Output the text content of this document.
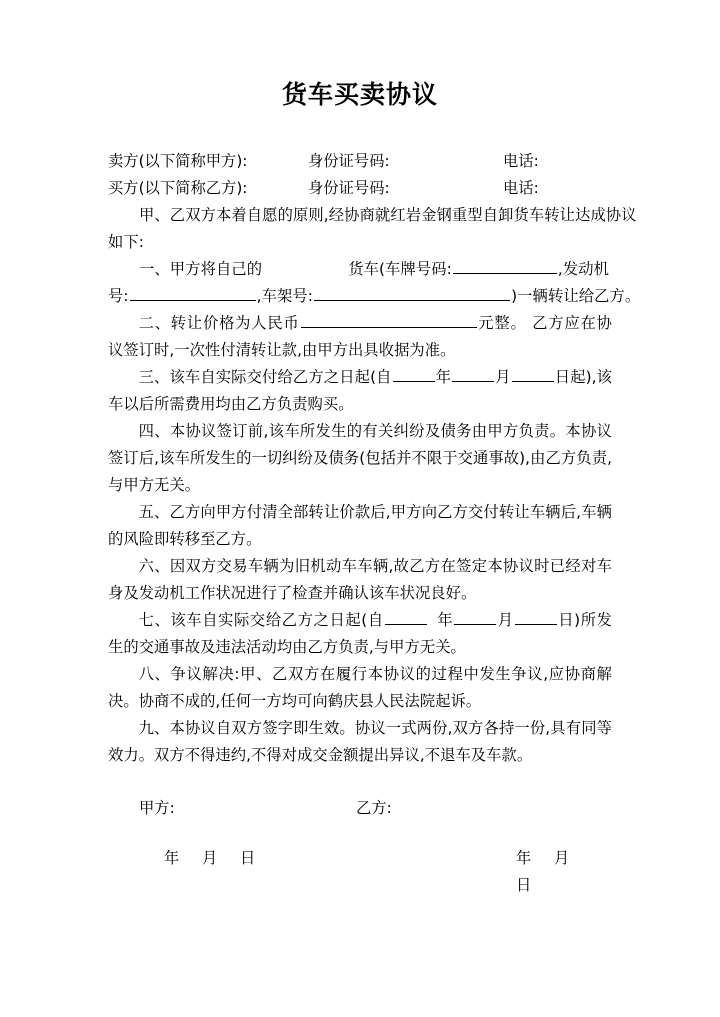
货车买卖协议
卖方(以下简称甲方):	身份证号码:	电话:
买方(以下简称乙方):	身份证号码:	电话:
甲、乙双方本着自愿的原则,经协商就红岩金钢重型自卸货车转让达成协议
如下:
一、甲方将自己的	货车(车牌号码:	,发动机
号:	,车架号:	)一辆转让给乙方。

二、转让价格为人民币	元整。 乙方应在协议签订时,一次性付清转让款,由甲方出具收据为准。

三、该车自实际交付给乙方之日起(自	年	月	日起),该车以后所需费用均由乙方负责购买。

四、本协议签订前,该车所发生的有关纠纷及债务由甲方负责。本协议签订后,该车所发生的一切纠纷及债务(包括并不限于交通事故),由乙方负责,与甲方无关。

五、乙方向甲方付清全部转让价款后,甲方向乙方交付转让车辆后,车辆的风险即转移至乙方。

六、因双方交易车辆为旧机动车车辆,故乙方在签定本协议时已经对车身及发动机工作状况进行了检查并确认该车状况良好。

七、该车自实际交给乙方之日起(自	年	月	日)所发生的交通事故及违法活动均由乙方负责,与甲方无关。

八、争议解决:甲、乙双方在履行本协议的过程中发生争议,应协商解决。协商不成的,任何一方均可向鹤庆县人民法院起诉。

九、本协议自双方签字即生效。协议一式两份,双方各持一份,具有同等效力。双方不得违约,不得对成交金额提出异议,不退车及车款。

甲方:	乙方:
年 月 日	年 月日
